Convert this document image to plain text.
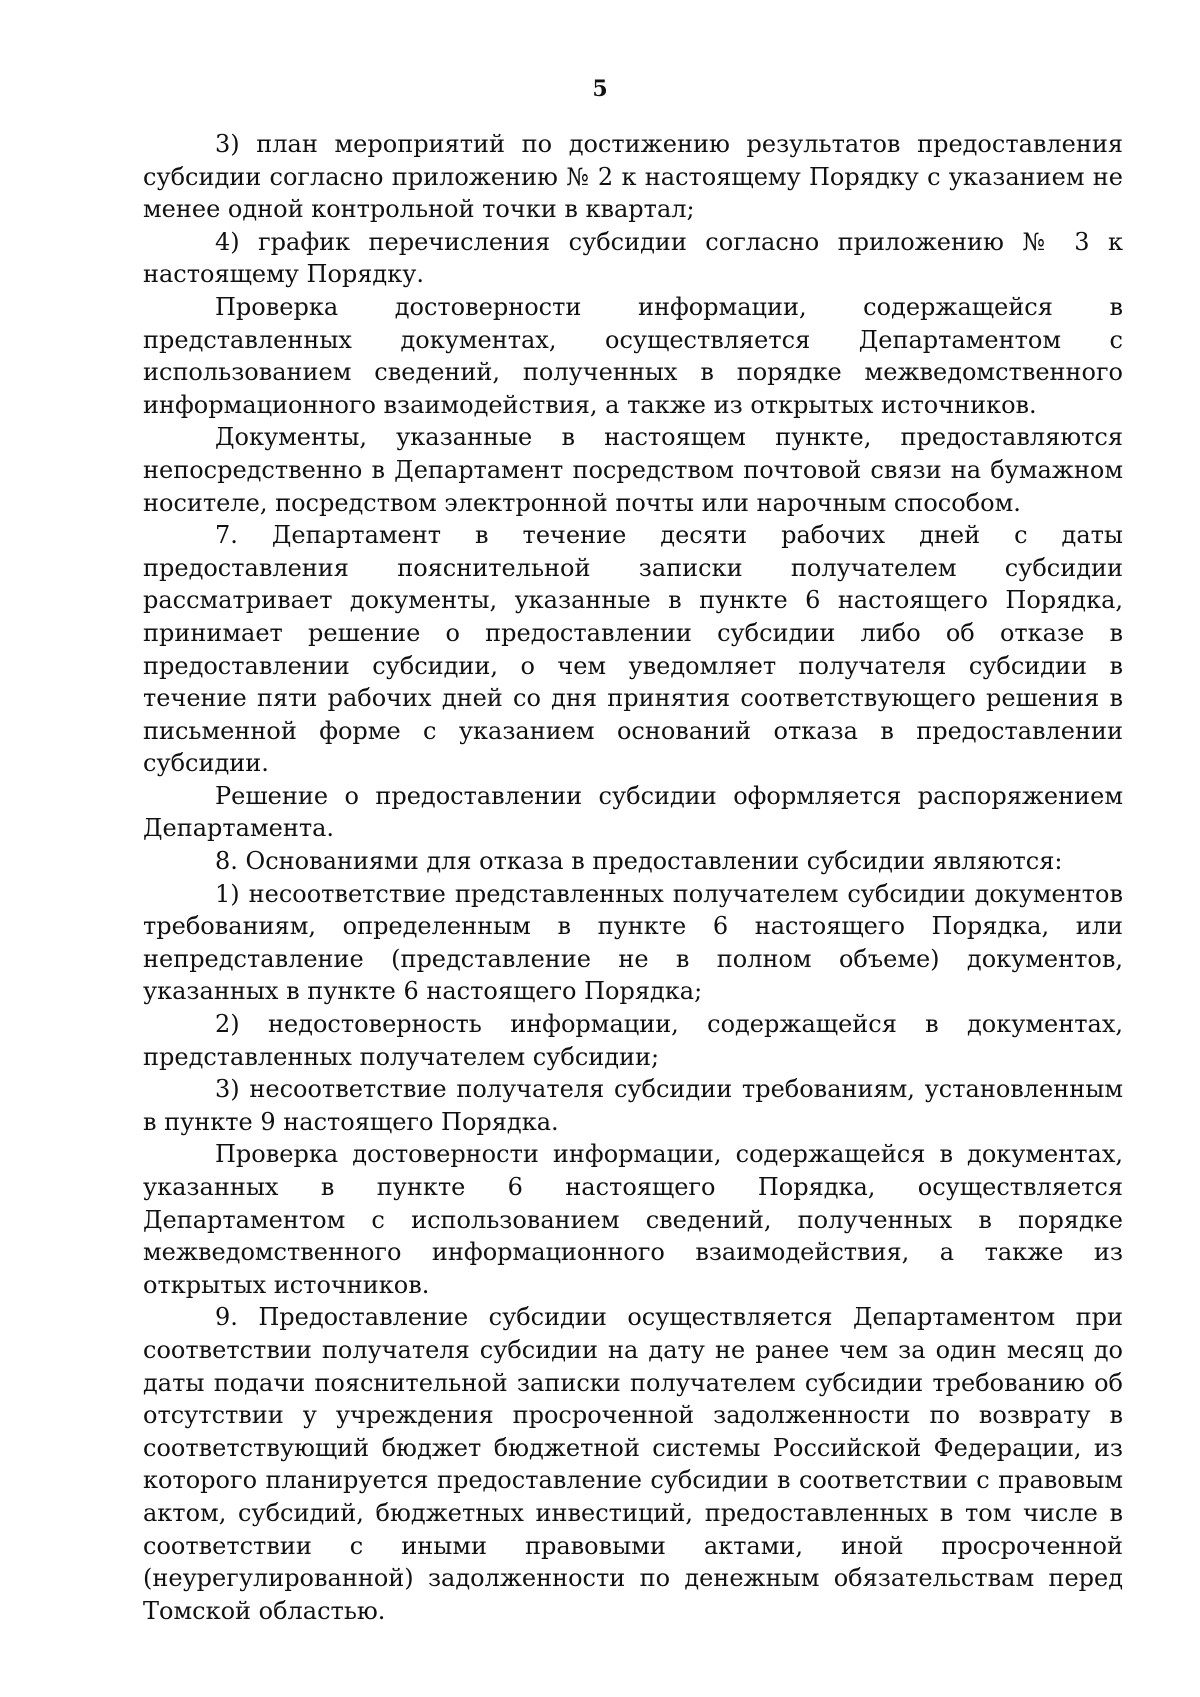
5

3) план мероприятий по достижению результатов предоставления субсидии согласно приложению № 2 к настоящему Порядку с указанием не менее одной контрольной точки в квартал;

4) график перечисления субсидии согласно приложению № 3 к настоящему Порядку.

Проверка достоверности информации, содержащейся в представленных документах, осуществляется Департаментом с использованием сведений, полученных в порядке межведомственного информационного взаимодействия, а также из открытых источников.

Документы, указанные в настоящем пункте, предоставляются непосредственно в Департамент посредством почтовой связи на бумажном носителе, посредством электронной почты или нарочным способом.

7. Департамент в течение десяти рабочих дней с даты предоставления пояснительной записки получателем субсидии рассматривает документы, указанные в пункте 6 настоящего Порядка, принимает решение о предоставлении субсидии либо об отказе в предоставлении субсидии, о чем уведомляет получателя субсидии в течение пяти рабочих дней со дня принятия соответствующего решения в письменной форме с указанием оснований отказа в предоставлении субсидии.

Решение о предоставлении субсидии оформляется распоряжением Департамента.

8. Основаниями для отказа в предоставлении субсидии являются:

1) несоответствие представленных получателем субсидии документов требованиям, определенным в пункте 6 настоящего Порядка, или непредставление (представление не в полном объеме) документов, указанных в пункте 6 настоящего Порядка;

2) недостоверность информации, содержащейся в документах, представленных получателем субсидии;

3) несоответствие получателя субсидии требованиям, установленным в пункте 9 настоящего Порядка.

Проверка достоверности информации, содержащейся в документах, указанных в пункте 6 настоящего Порядка, осуществляется Департаментом с использованием сведений, полученных в порядке межведомственного информационного взаимодействия, а также из открытых источников.

9. Предоставление субсидии осуществляется Департаментом при соответствии получателя субсидии на дату не ранее чем за один месяц до даты подачи пояснительной записки получателем субсидии требованию об отсутствии у учреждения просроченной задолженности по возврату в соответствующий бюджет бюджетной системы Российской Федерации, из которого планируется предоставление субсидии в соответствии с правовым актом, субсидий, бюджетных инвестиций, предоставленных в том числе в соответствии с иными правовыми актами, иной просроченной (неурегулированной) задолженности по денежным обязательствам перед Томской областью.
